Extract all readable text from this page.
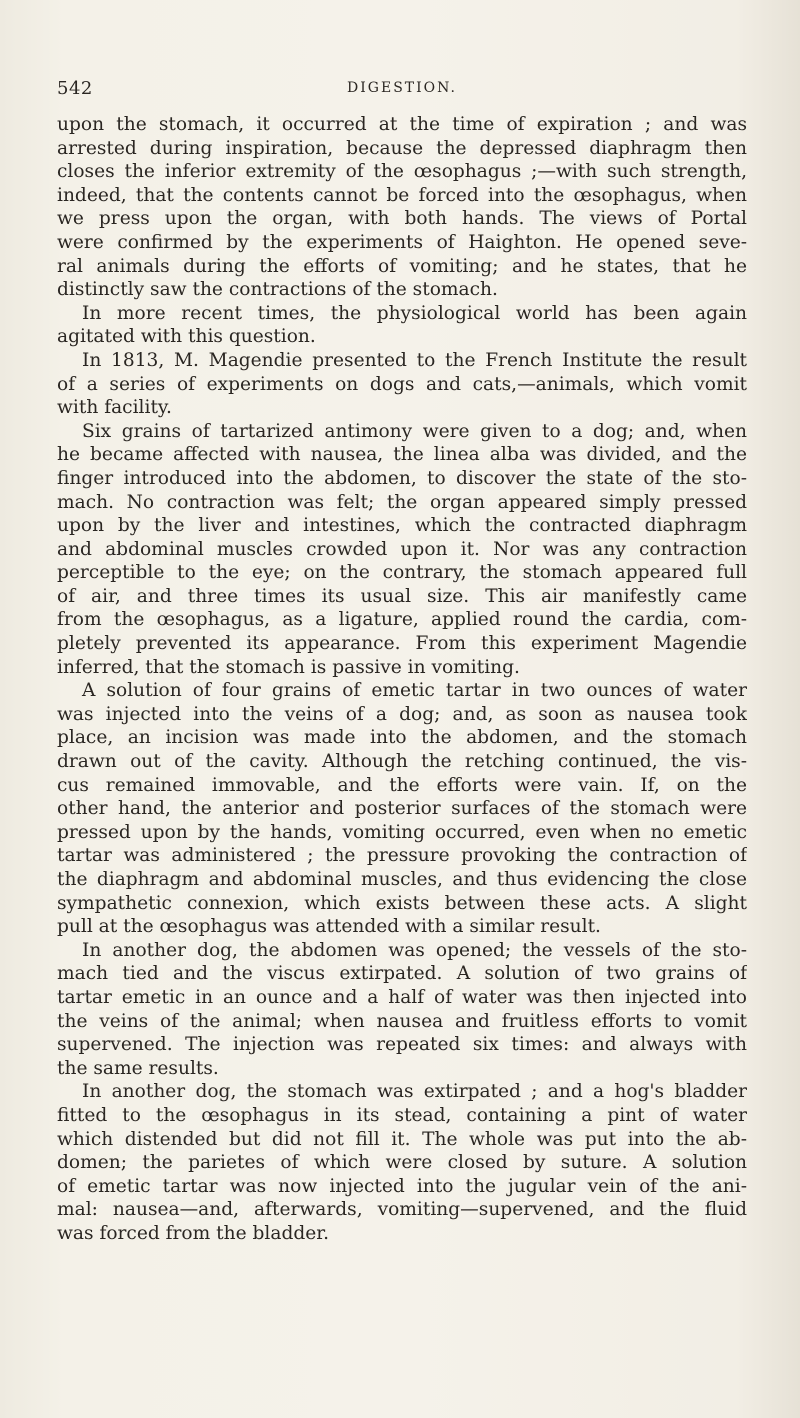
542	DIGESTION.
upon the stomach, it occurred at the time of expiration ; and was
arrested during inspiration, because the depressed diaphragm then
closes the inferior extremity of the œsophagus ;—with such strength,
indeed, that the contents cannot be forced into the œsophagus, when
we press upon the organ, with both hands. The views of Portal
were confirmed by the experiments of Haighton. He opened seve-
ral animals during the efforts of vomiting; and he states, that he
distinctly saw the contractions of the stomach.
In more recent times, the physiological world has been again
agitated with this question.
In 1813, M. Magendie presented to the French Institute the result
of a series of experiments on dogs and cats,—animals, which vomit
with facility.
Six grains of tartarized antimony were given to a dog; and, when
he became affected with nausea, the linea alba was divided, and the
finger introduced into the abdomen, to discover the state of the sto-
mach. No contraction was felt; the organ appeared simply pressed
upon by the liver and intestines, which the contracted diaphragm
and abdominal muscles crowded upon it. Nor was any contraction
perceptible to the eye; on the contrary, the stomach appeared full
of air, and three times its usual size. This air manifestly came
from the œsophagus, as a ligature, applied round the cardia, com-
pletely prevented its appearance. From this experiment Magendie
inferred, that the stomach is passive in vomiting.
A solution of four grains of emetic tartar in two ounces of water
was injected into the veins of a dog; and, as soon as nausea took
place, an incision was made into the abdomen, and the stomach
drawn out of the cavity. Although the retching continued, the vis-
cus remained immovable, and the efforts were vain. If, on the
other hand, the anterior and posterior surfaces of the stomach were
pressed upon by the hands, vomiting occurred, even when no emetic
tartar was administered ; the pressure provoking the contraction of
the diaphragm and abdominal muscles, and thus evidencing the close
sympathetic connexion, which exists between these acts. A slight
pull at the œsophagus was attended with a similar result.
In another dog, the abdomen was opened; the vessels of the sto-
mach tied and the viscus extirpated. A solution of two grains of
tartar emetic in an ounce and a half of water was then injected into
the veins of the animal; when nausea and fruitless efforts to vomit
supervened. The injection was repeated six times: and always with
the same results.
In another dog, the stomach was extirpated ; and a hog's bladder
fitted to the œsophagus in its stead, containing a pint of water
which distended but did not fill it. The whole was put into the ab-
domen; the parietes of which were closed by suture. A solution
of emetic tartar was now injected into the jugular vein of the ani-
mal: nausea—and, afterwards, vomiting—supervened, and the fluid
was forced from the bladder.
